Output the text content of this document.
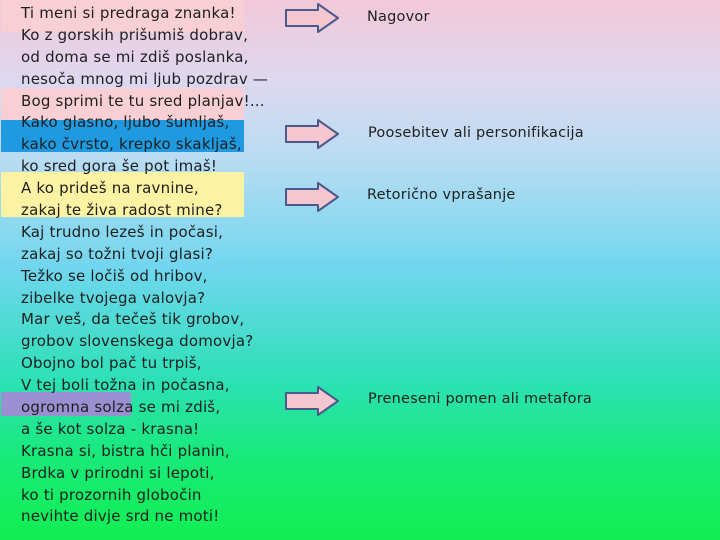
Ti meni si predraga znanka!
Ko z gorskih prišumiš dobrav,
od doma se mi zdiš poslanka,
nesoča mnog mi ljub pozdrav —
Bog sprimi te tu sred planjav!...
Kako glasno, ljubo šumljaš,
kako čvrsto, krepko skakljaš,
ko sred gora še pot imaš!
A ko prideš na ravnine,
zakaj te živa radost mine?
Kaj trudno lezeš in počasi,
zakaj so tožni tvoji glasi?
Težko se ločiš od hribov,
zibelke tvojega valovja?
Mar veš, da tečeš tik grobov,
grobov slovenskega domovja?
Obojno bol pač tu trpiš,
V tej boli tožna in počasna,
ogromna solza se mi zdiš,
a še kot solza - krasna!
Krasna si, bistra hči planin,
Brdka v prirodni si lepoti,
ko ti prozornih globočin
nevihte divje srd ne moti!
Nagovor
Poosebitev ali personifikacija
Retorično vprašanje
Preneseni pomen ali metafora
